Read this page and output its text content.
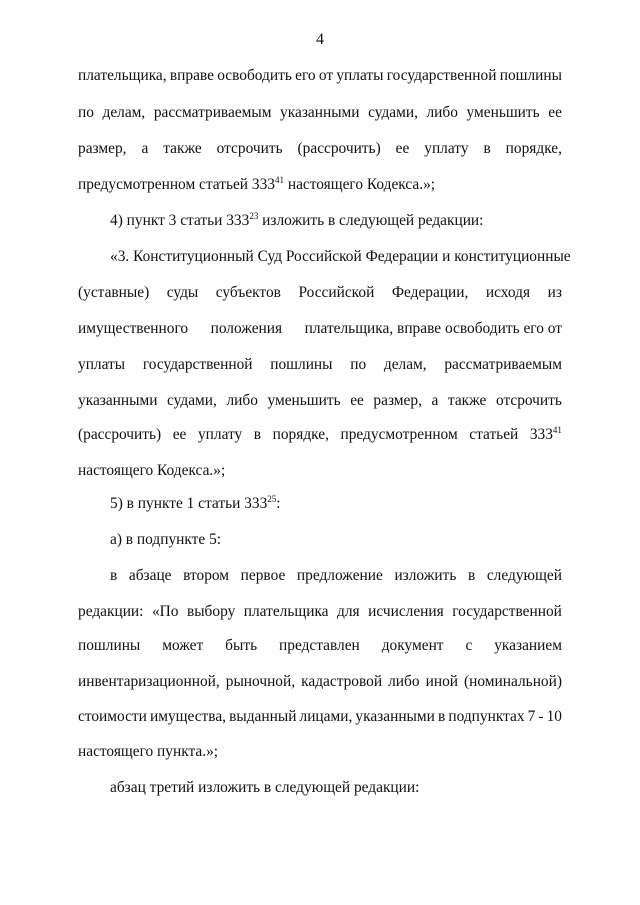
4
плательщика, вправе освободить его от уплаты государственной пошлины
по делам, рассматриваемым указанными судами, либо уменьшить ее
размер, а также отсрочить (рассрочить) ее уплату в порядке,
предусмотренном статьей $333^{41}$ настоящего Кодекса.»;
4) пункт 3 статьи $333^{23}$ изложить в следующей редакции:
«3. Конституционный Суд Российской Федерации и конституционные
(уставные) суды субъектов Российской Федерации, исходя из
имущественного положения плательщика, вправе освободить его от
уплаты государственной пошлины по делам, рассматриваемым
указанными судами, либо уменьшить ее размер, а также отсрочить
(рассрочить) ее уплату в порядке, предусмотренном статьей $333^{41}$
настоящего Кодекса.»;
5) в пункте 1 статьи $333^{25}$:
а) в подпункте 5:
в абзаце втором первое предложение изложить в следующей
редакции: «По выбору плательщика для исчисления государственной
пошлины может быть представлен документ с указанием
инвентаризационной, рыночной, кадастровой либо иной (номинальной)
стоимости имущества, выданный лицами, указанными в подпунктах 7 - 10
настоящего пункта.»;
абзац третий изложить в следующей редакции:
